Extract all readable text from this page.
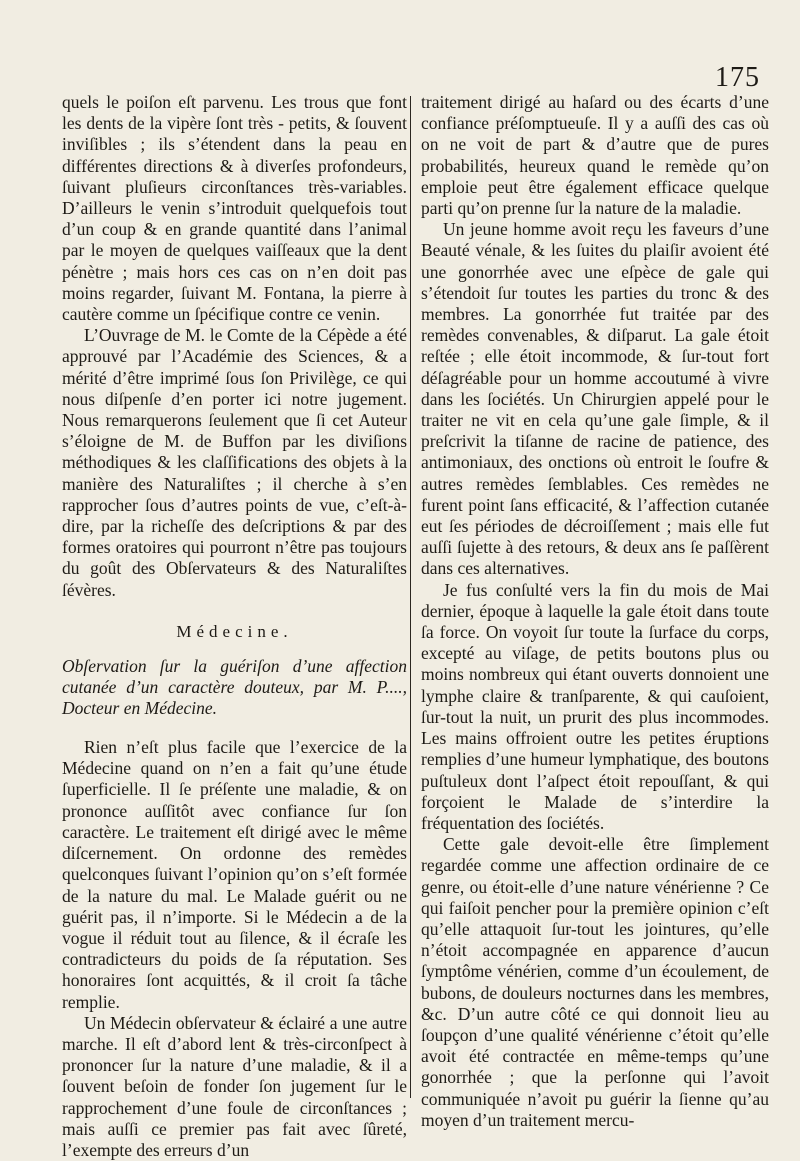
175

quels le poiſon eſt parvenu. Les trous que font les dents de la vipère ſont très - petits, & ſouvent inviſibles ; ils s’étendent dans la peau en différentes directions & à diverſes profondeurs, ſuivant pluſieurs circonſtances très-variables. D’ailleurs le venin s’introduit quelquefois tout d’un coup & en grande quantité dans l’animal par le moyen de quelques vaiſſeaux que la dent pénètre ; mais hors ces cas on n’en doit pas moins regarder, ſuivant M. Fontana, la pierre à cautère comme un ſpécifique contre ce venin.

L’Ouvrage de M. le Comte de la Cépède a été approuvé par l’Académie des Sciences, & a mérité d’être imprimé ſous ſon Privilège, ce qui nous diſpenſe d’en porter ici notre jugement. Nous remarquerons ſeulement que ſi cet Auteur s’éloigne de M. de Buffon par les diviſions méthodiques & les claſſifications des objets à la manière des Naturaliſtes ; il cherche à s’en rapprocher ſous d’autres points de vue, c’eſt-à-dire, par la richeſſe des deſcriptions & par des formes oratoires qui pourront n’être pas toujours du goût des Obſervateurs & des Naturaliſtes ſévères.

Médecine.

Obſervation ſur la guériſon d’une affection cutanée d’un caractère douteux, par M. P...., Docteur en Médecine.

Rien n’eſt plus facile que l’exercice de la Médecine quand on n’en a fait qu’une étude ſuperficielle. Il ſe préſente une maladie, & on prononce auſſitôt avec confiance ſur ſon caractère. Le traitement eſt dirigé avec le même diſcernement. On ordonne des remèdes quelconques ſuivant l’opinion qu’on s’eſt formée de la nature du mal. Le Malade guérit ou ne guérit pas, il n’importe. Si le Médecin a de la vogue il réduit tout au ſilence, & il écraſe les contradicteurs du poids de ſa réputation. Ses honoraires ſont acquittés, & il croit ſa tâche remplie.

Un Médecin obſervateur & éclairé a une autre marche. Il eſt d’abord lent & très-circonſpect à prononcer ſur la nature d’une maladie, & il a ſouvent beſoin de fonder ſon jugement ſur le rapprochement d’une foule de circonſtances ; mais auſſi ce premier pas fait avec ſûreté, l’exempte des erreurs d’un

traitement dirigé au haſard ou des écarts d’une confiance préſomptueuſe. Il y a auſſi des cas où on ne voit de part & d’autre que de pures probabilités, heureux quand le remède qu’on emploie peut être également efficace quelque parti qu’on prenne ſur la nature de la maladie.

Un jeune homme avoit reçu les faveurs d’une Beauté vénale, & les ſuites du plaiſir avoient été une gonorrhée avec une eſpèce de gale qui s’étendoit ſur toutes les parties du tronc & des membres. La gonorrhée fut traitée par des remèdes convenables, & diſparut. La gale étoit reſtée ; elle étoit incommode, & ſur-tout fort déſagréable pour un homme accoutumé à vivre dans les ſociétés. Un Chirurgien appelé pour le traiter ne vit en cela qu’une gale ſimple, & il preſcrivit la tiſanne de racine de patience, des antimoniaux, des onctions où entroit le ſoufre & autres remèdes ſemblables. Ces remèdes ne furent point ſans efficacité, & l’affection cutanée eut ſes périodes de décroiſſement ; mais elle fut auſſi ſujette à des retours, & deux ans ſe paſſèrent dans ces alternatives.

Je fus conſulté vers la fin du mois de Mai dernier, époque à laquelle la gale étoit dans toute ſa force. On voyoit ſur toute la ſurface du corps, excepté au viſage, de petits boutons plus ou moins nombreux qui étant ouverts donnoient une lymphe claire & tranſparente, & qui cauſoient, ſur-tout la nuit, un prurit des plus incommodes. Les mains offroient outre les petites éruptions remplies d’une humeur lymphatique, des boutons puſtuleux dont l’aſpect étoit repouſſant, & qui forçoient le Malade de s’interdire la fréquentation des ſociétés.

Cette gale devoit-elle être ſimplement regardée comme une affection ordinaire de ce genre, ou étoit-elle d’une nature vénérienne ? Ce qui faiſoit pencher pour la première opinion c’eſt qu’elle attaquoit ſur-tout les jointures, qu’elle n’étoit accompagnée en apparence d’aucun ſymptôme vénérien, comme d’un écoulement, de bubons, de douleurs nocturnes dans les membres, &c. D’un autre côté ce qui donnoit lieu au ſoupçon d’une qualité vénérienne c’étoit qu’elle avoit été contractée en même-temps qu’une gonorrhée ; que la perſonne qui l’avoit communiquée n’avoit pu guérir la ſienne qu’au moyen d’un traitement mercu-
